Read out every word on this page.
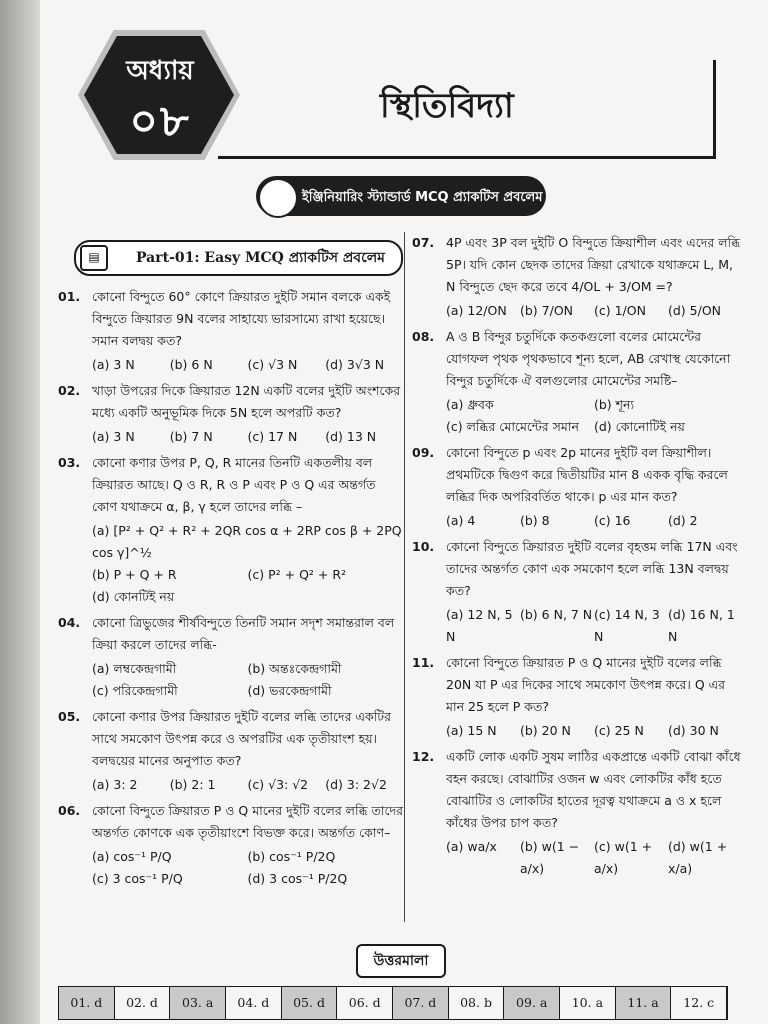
অধ্যায়
০৮	স্থিতিবিদ্যা
ইঞ্জিনিয়ারিং স্ট্যান্ডার্ড MCQ প্র্যাকটিস প্রবলেম
▤	Part-01: Easy MCQ প্র্যাকটিস প্রবলেম
01. কোনো বিন্দুতে 60° কোণে ক্রিয়ারত দুইটি সমান বলকে একই বিন্দুতে ক্রিয়ারত 9N বলের সাহায্যে ভারসাম্যে রাখা হয়েছে। সমান বলদ্বয় কত?
(a) 3 N	(b) 6 N	(c) √3 N	(d) 3√3 N
02. খাড়া উপরের দিকে ক্রিয়ারত 12N একটি বলের দুইটি অংশকের মধ্যে একটি অনুভূমিক দিকে 5N হলে অপরটি কত?
(a) 3 N	(b) 7 N	(c) 17 N	(d) 13 N
03. কোনো কণার উপর P, Q, R মানের তিনটি একতলীয় বল ক্রিয়ারত আছে। Q ও R, R ও P এবং P ও Q এর অন্তর্গত কোণ যথাক্রমে α, β, γ হলে তাদের লব্ধি –
(a) [P² + Q² + R² + 2QR cos α + 2RP cos β + 2PQ cos γ]^½
(b) P + Q + R	(c) P² + Q² + R²
(d) কোনটিই নয়
04. কোনো ত্রিভুজের শীর্ষবিন্দুতে তিনটি সমান সদৃশ সমান্তরাল বল ক্রিয়া করলে তাদের লব্ধি-
(a) লম্বকেন্দ্রগামী	(b) অন্তঃকেন্দ্রগামী
(c) পরিকেন্দ্রগামী	(d) ভরকেন্দ্রগামী
05. কোনো কণার উপর ক্রিয়ারত দুইটি বলের লব্ধি তাদের একটির সাথে সমকোণ উৎপন্ন করে ও অপরটির এক তৃতীয়াংশ হয়। বলদ্বয়ের মানের অনুপাত কত?
(a) 3: 2	(b) 2: 1	(c) √3: √2	(d) 3: 2√2
06. কোনো বিন্দুতে ক্রিয়ারত P ও Q মানের দুইটি বলের লব্ধি তাদের অন্তর্গত কোণকে এক তৃতীয়াংশে বিভক্ত করে। অন্তর্গত কোণ–
(a) cos⁻¹ P/Q	(b) cos⁻¹ P/2Q
(c) 3 cos⁻¹ P/Q	(d) 3 cos⁻¹ P/2Q
07. 4P এবং 3P বল দুইটি O বিন্দুতে ক্রিয়াশীল এবং এদের লব্ধি 5P। যদি কোন ছেদক তাদের ক্রিয়া রেখাকে যথাক্রমে L, M, N বিন্দুতে ছেদ করে তবে 4/OL + 3/OM =?
(a) 12/ON	(b) 7/ON	(c) 1/ON	(d) 5/ON
08. A ও B বিন্দুর চতুর্দিকে কতকগুলো বলের মোমেন্টের যোগফল পৃথক পৃথকভাবে শূন্য হলে, AB রেখাস্থ যেকোনো বিন্দুর চতুর্দিকে ঐ বলগুলোর মোমেন্টের সমষ্টি–
(a) ধ্রুবক	(b) শূন্য
(c) লব্ধির মোমেন্টের সমান	(d) কোনোটিই নয়
09. কোনো বিন্দুতে p এবং 2p মানের দুইটি বল ক্রিয়াশীল। প্রথমটিকে দ্বিগুণ করে দ্বিতীয়টির মান 8 একক বৃদ্ধি করলে লব্ধির দিক অপরিবর্তিত থাকে। p এর মান কত?
(a) 4	(b) 8	(c) 16	(d) 2
10. কোনো বিন্দুতে ক্রিয়ারত দুইটি বলের বৃহত্তম লব্ধি 17N এবং তাদের অন্তর্গত কোণ এক সমকোণ হলে লব্ধি 13N বলদ্বয় কত?
(a) 12 N, 5 N
(b) 6 N, 7 N (c) 14 N, 3 N
(d) 16 N, 1 N
11. কোনো বিন্দুতে ক্রিয়ারত P ও Q মানের দুইটি বলের লব্ধি 20N যা P এর দিকের সাথে সমকোণ উৎপন্ন করে। Q এর মান 25 হলে P কত?
(a) 15 N	(b) 20 N	(c) 25 N	(d) 30 N
12. একটি লোক একটি সুষম লাঠির একপ্রান্তে একটি বোঝা কাঁধে বহন করছে। বোঝাটির ওজন w এবং লোকটির কাঁধ হতে বোঝাটির ও লোকটির হাতের দূরত্ব যথাক্রমে a ও x হলে কাঁধের উপর চাপ কত?
(a) wa/x	(b) w(1 − a/x)
(c) w(1 + a/x)
(d) w(1 + x/a)
উত্তরমালা
01. d	02. d	03. a	04. d	05. d	06. d	07. d	08. b	09. a	10. a	11. a	12. c
